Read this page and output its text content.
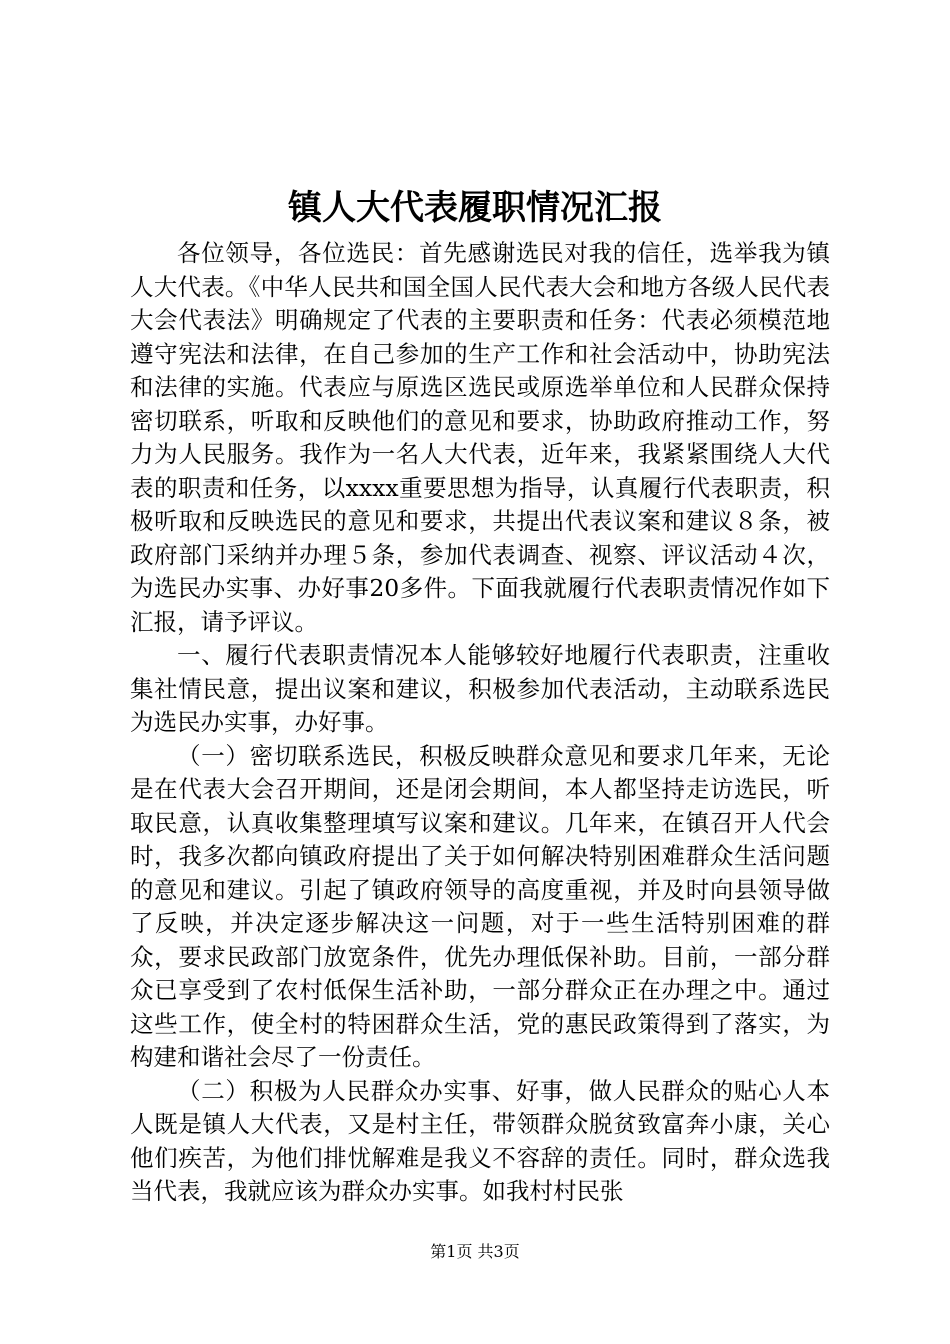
镇人大代表履职情况汇报

各位领导，各位选民：首先感谢选民对我的信任，选举我为镇人大代表。《中华人民共和国全国人民代表大会和地方各级人民代表大会代表法》明确规定了代表的主要职责和任务：代表必须模范地遵守宪法和法律，在自己参加的生产工作和社会活动中，协助宪法和法律的实施。代表应与原选区选民或原选举单位和人民群众保持密切联系，听取和反映他们的意见和要求，协助政府推动工作，努力为人民服务。我作为一名人大代表，近年来，我紧紧围绕人大代表的职责和任务，以xxxx重要思想为指导，认真履行代表职责，积极听取和反映选民的意见和要求，共提出代表议案和建议８条，被政府部门采纳并办理５条，参加代表调查、视察、评议活动４次，为选民办实事、办好事20多件。下面我就履行代表职责情况作如下汇报，请予评议。

一、履行代表职责情况本人能够较好地履行代表职责，注重收集社情民意，提出议案和建议，积极参加代表活动，主动联系选民为选民办实事，办好事。

（一）密切联系选民，积极反映群众意见和要求几年来，无论是在代表大会召开期间，还是闭会期间，本人都坚持走访选民，听取民意，认真收集整理填写议案和建议。几年来，在镇召开人代会时，我多次都向镇政府提出了关于如何解决特别困难群众生活问题的意见和建议。引起了镇政府领导的高度重视，并及时向县领导做了反映，并决定逐步解决这一问题，对于一些生活特别困难的群众，要求民政部门放宽条件，优先办理低保补助。目前，一部分群众已享受到了农村低保生活补助，一部分群众正在办理之中。通过这些工作，使全村的特困群众生活，党的惠民政策得到了落实，为构建和谐社会尽了一份责任。

（二）积极为人民群众办实事、好事，做人民群众的贴心人本人既是镇人大代表，又是村主任，带领群众脱贫致富奔小康，关心他们疾苦，为他们排忧解难是我义不容辞的责任。同时，群众选我当代表，我就应该为群众办实事。如我村村民张

第1页 共3页
